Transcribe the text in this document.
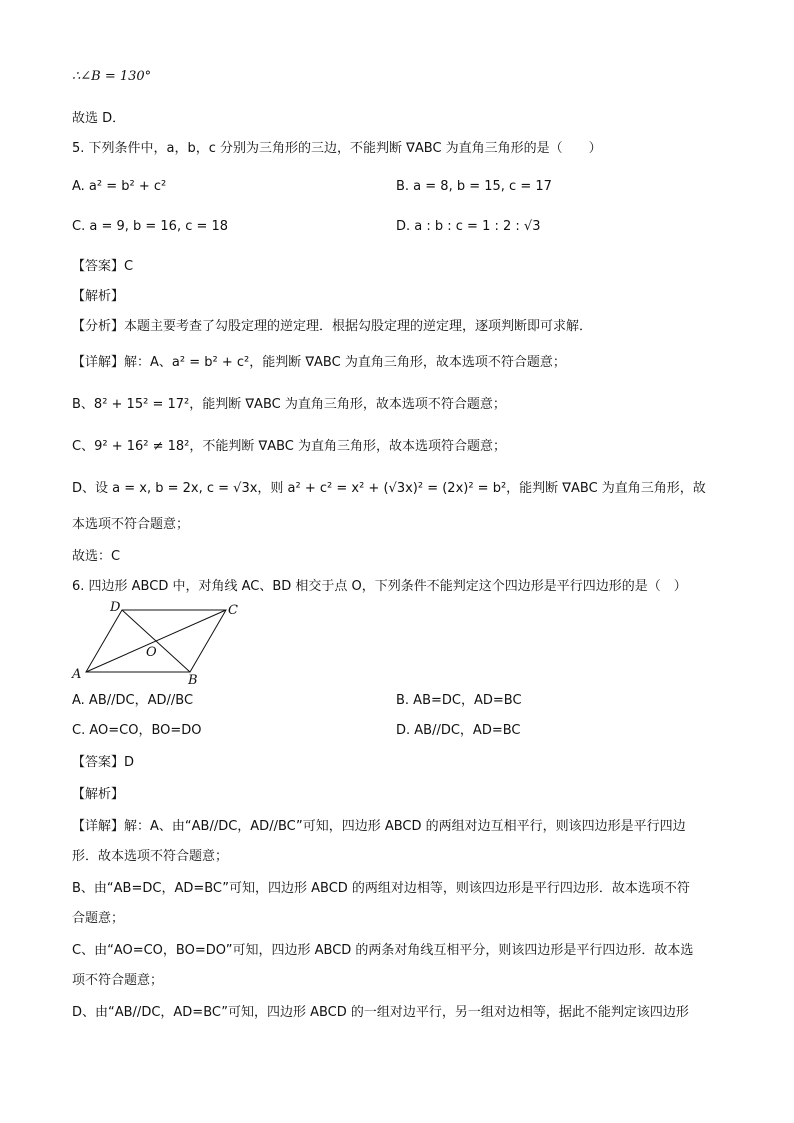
∴∠B = 130°
故选 D．
5. 下列条件中，a，b，c 分别为三角形的三边，不能判断 ∇ABC 为直角三角形的是（　　）
A. a² = b² + c²	B. a = 8, b = 15, c = 17
C. a = 9, b = 16, c = 18	D. a : b : c = 1 : 2 : √3
【答案】C
【解析】
【分析】本题主要考查了勾股定理的逆定理．根据勾股定理的逆定理，逐项判断即可求解．
【详解】解：A、a² = b² + c²，能判断 ∇ABC 为直角三角形，故本选项不符合题意；
B、8² + 15² = 17²，能判断 ∇ABC 为直角三角形，故本选项不符合题意；
C、9² + 16² ≠ 18²，不能判断 ∇ABC 为直角三角形，故本选项符合题意；
D、设 a = x, b = 2x, c = √3x，则 a² + c² = x² + (√3x)² = (2x)² = b²，能判断 ∇ABC 为直角三角形，故
本选项不符合题意；
故选：C
6. 四边形 ABCD 中，对角线 AC、BD 相交于点 O，下列条件不能判定这个四边形是平行四边形的是（　）
A	B
C
D
O
A. AB//DC，AD//BC	B. AB=DC，AD=BC
C. AO=CO，BO=DO	D. AB//DC，AD=BC
【答案】D
【解析】
【详解】解：A、由“AB//DC，AD//BC”可知，四边形 ABCD 的两组对边互相平行，则该四边形是平行四边
形．故本选项不符合题意；
B、由“AB=DC，AD=BC”可知，四边形 ABCD 的两组对边相等，则该四边形是平行四边形．故本选项不符
合题意；
C、由“AO=CO，BO=DO”可知，四边形 ABCD 的两条对角线互相平分，则该四边形是平行四边形．故本选
项不符合题意；
D、由“AB//DC，AD=BC”可知，四边形 ABCD 的一组对边平行，另一组对边相等，据此不能判定该四边形
